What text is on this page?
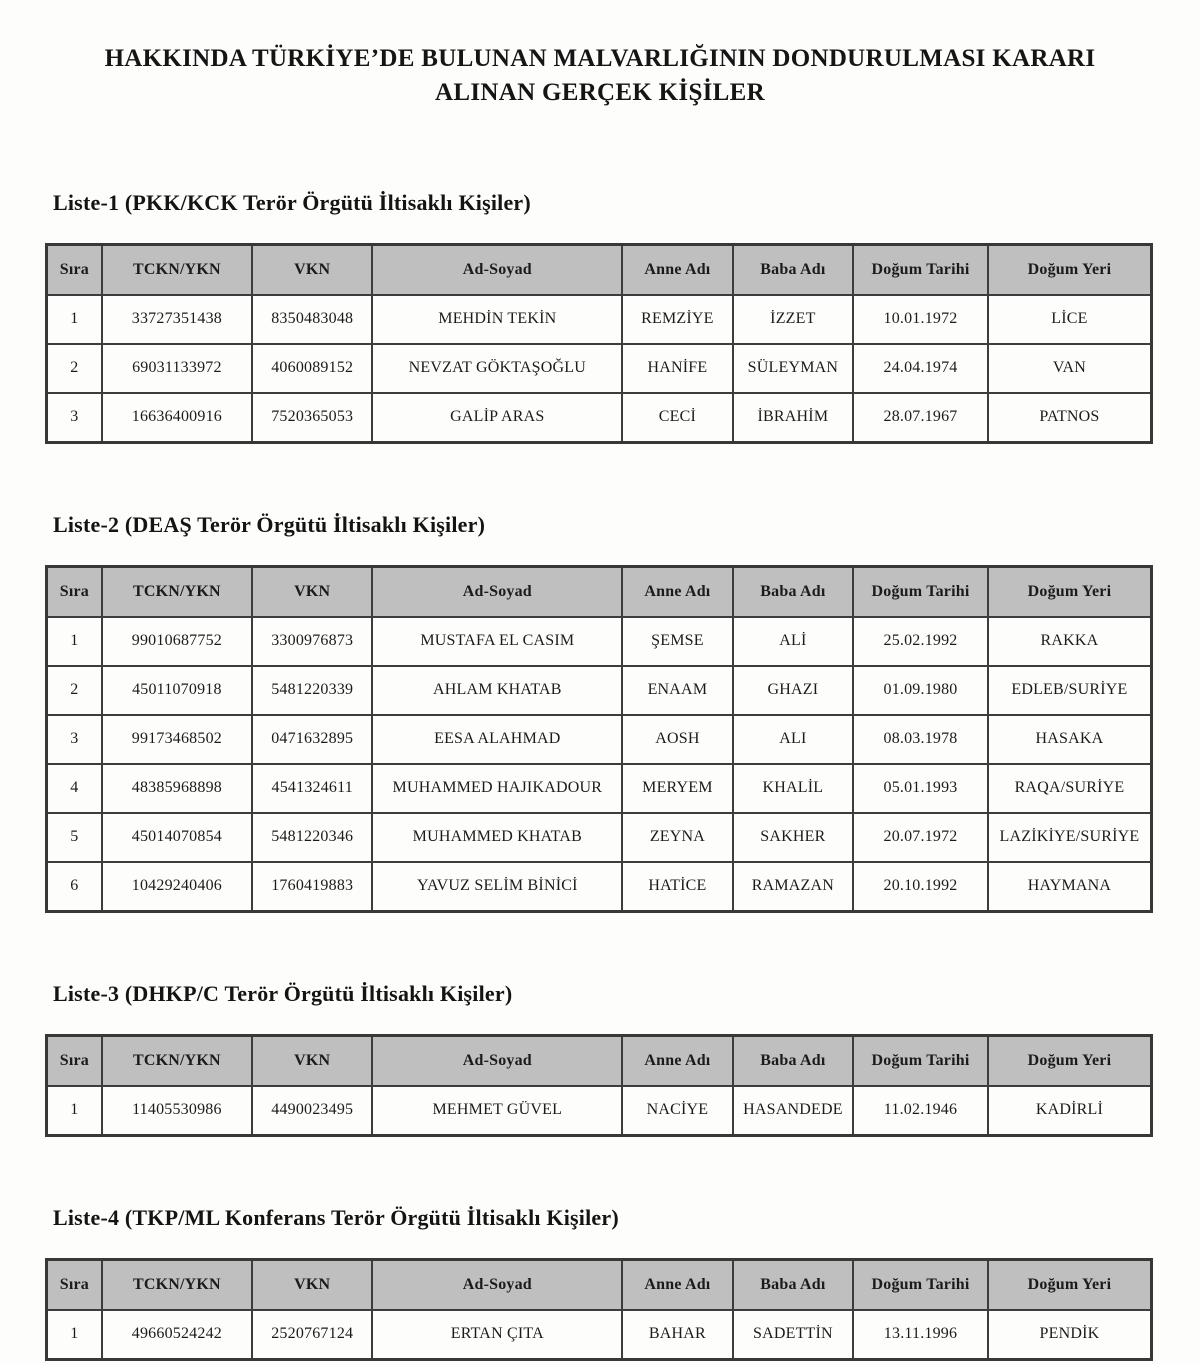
HAKKINDA TÜRKİYE’DE BULUNAN MALVARLIĞININ DONDURULMASI KARARI
ALINAN GERÇEK KİŞİLER
Liste-1 (PKK/KCK Terör Örgütü İltisaklı Kişiler)
Sıra	TCKN/YKN	VKN	Ad-Soyad	Anne Adı	Baba Adı	Doğum Tarihi	Doğum Yeri
1	33727351438	8350483048	MEHDİN TEKİN	REMZİYE	İZZET	10.01.1972	LİCE
2	69031133972	4060089152	NEVZAT GÖKTAŞOĞLU	HANİFE	SÜLEYMAN	24.04.1974	VAN
3	16636400916	7520365053	GALİP ARAS	CECİ	İBRAHİM	28.07.1967	PATNOS
Liste-2 (DEAŞ Terör Örgütü İltisaklı Kişiler)
Sıra	TCKN/YKN	VKN	Ad-Soyad	Anne Adı	Baba Adı	Doğum Tarihi	Doğum Yeri
1	99010687752	3300976873	MUSTAFA EL CASIM	ŞEMSE	ALİ	25.02.1992	RAKKA
2	45011070918	5481220339	AHLAM KHATAB	ENAAM	GHAZI	01.09.1980	EDLEB/SURİYE
3	99173468502	0471632895	EESA ALAHMAD	AOSH	ALI	08.03.1978	HASAKA
4	48385968898	4541324611	MUHAMMED HAJIKADOUR	MERYEM	KHALİL	05.01.1993	RAQA/SURİYE
5	45014070854	5481220346	MUHAMMED KHATAB	ZEYNA	SAKHER	20.07.1972	LAZİKİYE/SURİYE
6	10429240406	1760419883	YAVUZ SELİM BİNİCİ	HATİCE	RAMAZAN	20.10.1992	HAYMANA
Liste-3 (DHKP/C Terör Örgütü İltisaklı Kişiler)
Sıra	TCKN/YKN	VKN	Ad-Soyad	Anne Adı	Baba Adı	Doğum Tarihi	Doğum Yeri
1	11405530986	4490023495	MEHMET GÜVEL	NACİYE	HASANDEDE	11.02.1946	KADİRLİ
Liste-4 (TKP/ML Konferans Terör Örgütü İltisaklı Kişiler)
Sıra	TCKN/YKN	VKN	Ad-Soyad	Anne Adı	Baba Adı	Doğum Tarihi	Doğum Yeri
1	49660524242	2520767124	ERTAN ÇITA	BAHAR	SADETTİN	13.11.1996	PENDİK
